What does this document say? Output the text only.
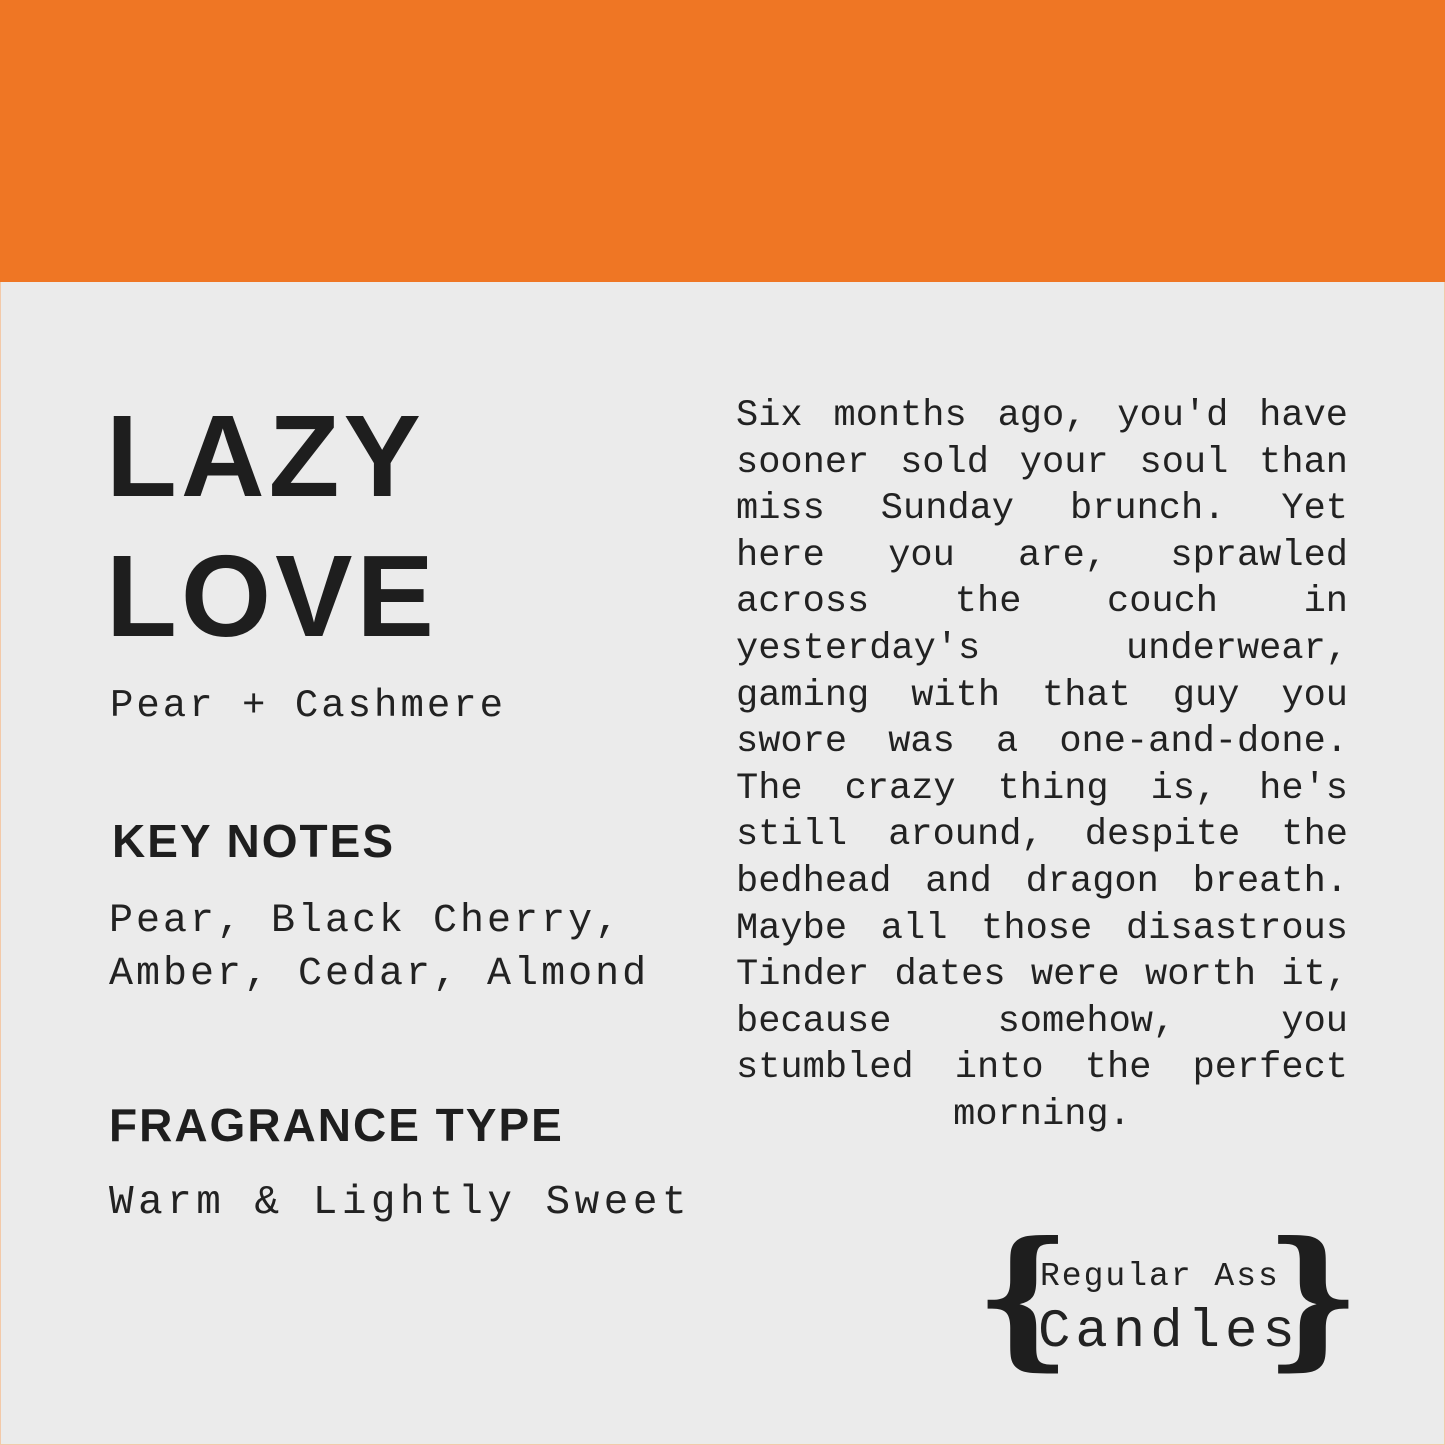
LAZY
LOVE
Pear + Cashmere
KEY NOTES
Pear, Black Cherry,
Amber, Cedar, Almond
FRAGRANCE TYPE
Warm & Lightly Sweet

Six months ago, you'd have sooner sold your soul than miss Sunday brunch. Yet here you are, sprawled across the couch in yesterday's underwear, gaming with that guy you swore was a one-and-done. The crazy thing is, he's still around, despite the bedhead and dragon breath. Maybe all those disastrous Tinder dates were worth it, because somehow, you stumbled into the perfect morning.

{
Regular Ass
Candles
}
